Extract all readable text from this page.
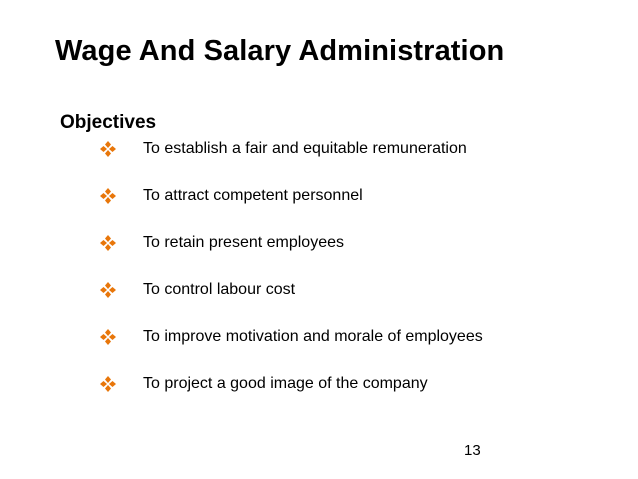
Wage And Salary Administration
Objectives
To establish a fair and equitable remuneration
To attract competent personnel
To retain present employees
To control labour cost
To improve motivation and morale of employees
To project a good image of the company
13
